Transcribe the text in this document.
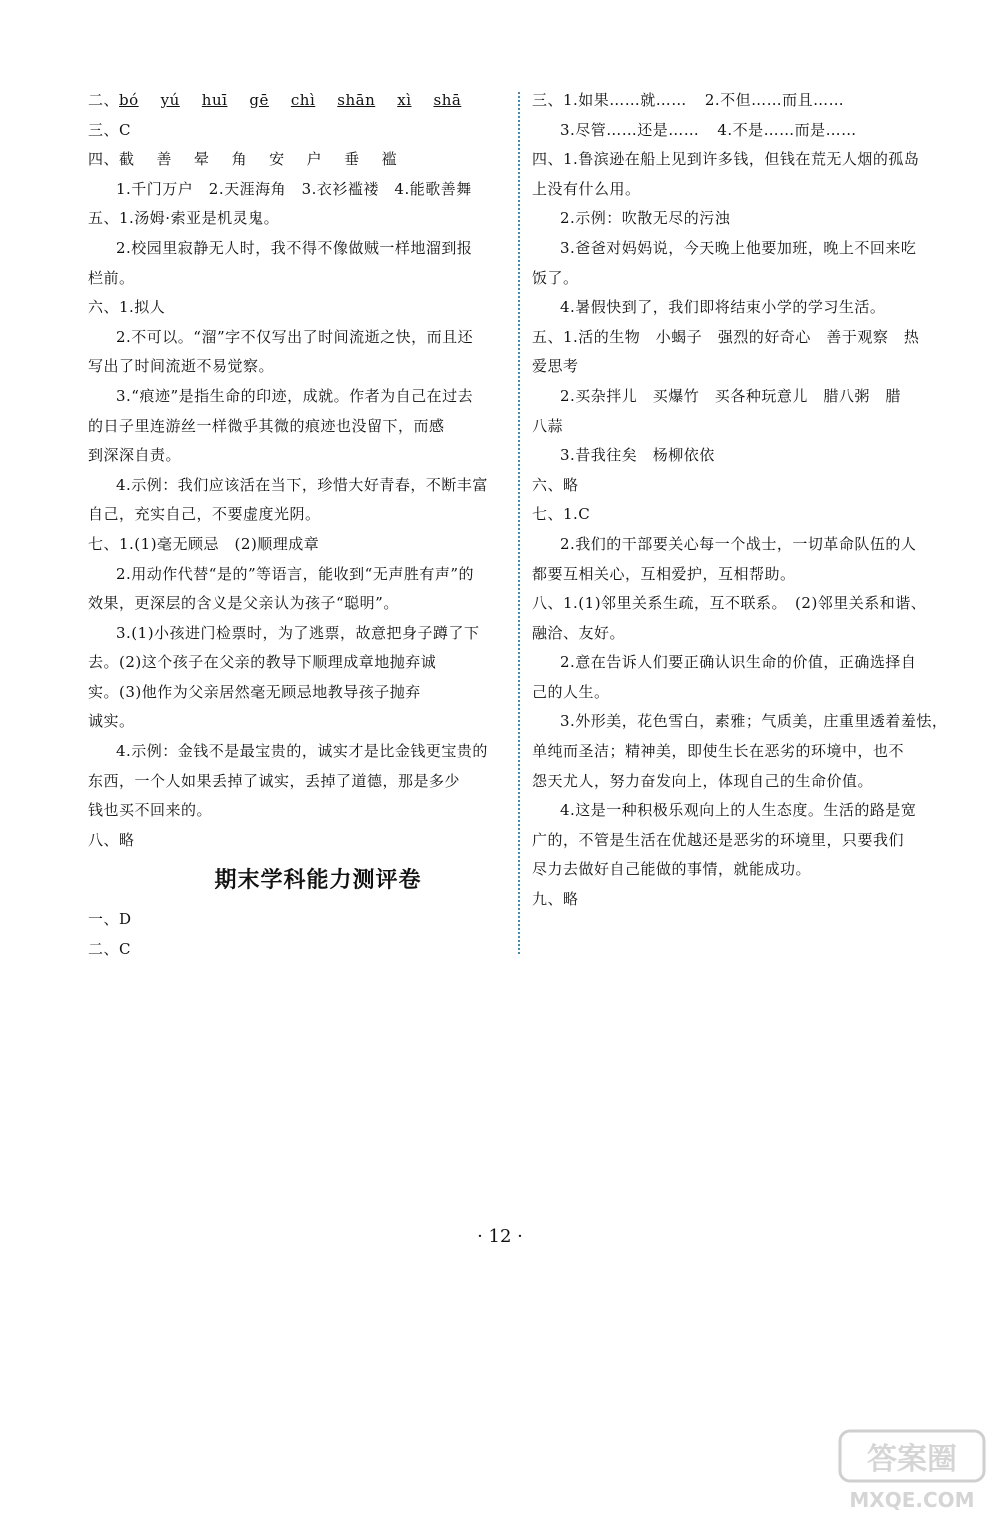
二、bó yú huī gē chì shān xì shā
三、C
四、截 善 晕 角 安 户 垂 褴
1.千门万户　2.天涯海角　3.衣衫褴褛　4.能歌善舞
五、1.汤姆·索亚是机灵鬼。
2.校园里寂静无人时，我不得不像做贼一样地溜到报
栏前。
六、1.拟人
2.不可以。“溜”字不仅写出了时间流逝之快，而且还
写出了时间流逝不易觉察。
3.“痕迹”是指生命的印迹，成就。作者为自己在过去
的日子里连游丝一样微乎其微的痕迹也没留下，而感
到深深自责。
4.示例：我们应该活在当下，珍惜大好青春，不断丰富
自己，充实自己，不要虚度光阴。
七、1.(1)毫无顾忌　(2)顺理成章
2.用动作代替“是的”等语言，能收到“无声胜有声”的
效果，更深层的含义是父亲认为孩子“聪明”。
3.(1)小孩进门检票时，为了逃票，故意把身子蹲了下
去。(2)这个孩子在父亲的教导下顺理成章地抛弃诚
实。(3)他作为父亲居然毫无顾忌地教导孩子抛弃
诚实。
4.示例：金钱不是最宝贵的，诚实才是比金钱更宝贵的
东西，一个人如果丢掉了诚实，丢掉了道德，那是多少
钱也买不回来的。
八、略
期末学科能力测评卷
一、D
二、C
三、1.如果……就…… 2.不但……而且……
3.尽管……还是…… 4.不是……而是……
四、1.鲁滨逊在船上见到许多钱，但钱在荒无人烟的孤岛
上没有什么用。
2.示例：吹散无尽的污浊
3.爸爸对妈妈说，今天晚上他要加班，晚上不回来吃
饭了。
4.暑假快到了，我们即将结束小学的学习生活。
五、1.活的生物　小蝎子　强烈的好奇心　善于观察　热
爱思考
2.买杂拌儿　买爆竹　买各种玩意儿　腊八粥　腊
八蒜
3.昔我往矣　杨柳依依
六、略
七、1.C
2.我们的干部要关心每一个战士，一切革命队伍的人
都要互相关心，互相爱护，互相帮助。
八、1.(1)邻里关系生疏，互不联系。　(2)邻里关系和谐、
融洽、友好。
2.意在告诉人们要正确认识生命的价值，正确选择自
己的人生。
3.外形美，花色雪白，素雅；气质美，庄重里透着羞怯，
单纯而圣洁；精神美，即使生长在恶劣的环境中，也不
怨天尤人，努力奋发向上，体现自己的生命价值。
4.这是一种积极乐观向上的人生态度。生活的路是宽
广的，不管是生活在优越还是恶劣的环境里，只要我们
尽力去做好自己能做的事情，就能成功。
九、略
· 12 ·
答案圈
MXQE.COM
